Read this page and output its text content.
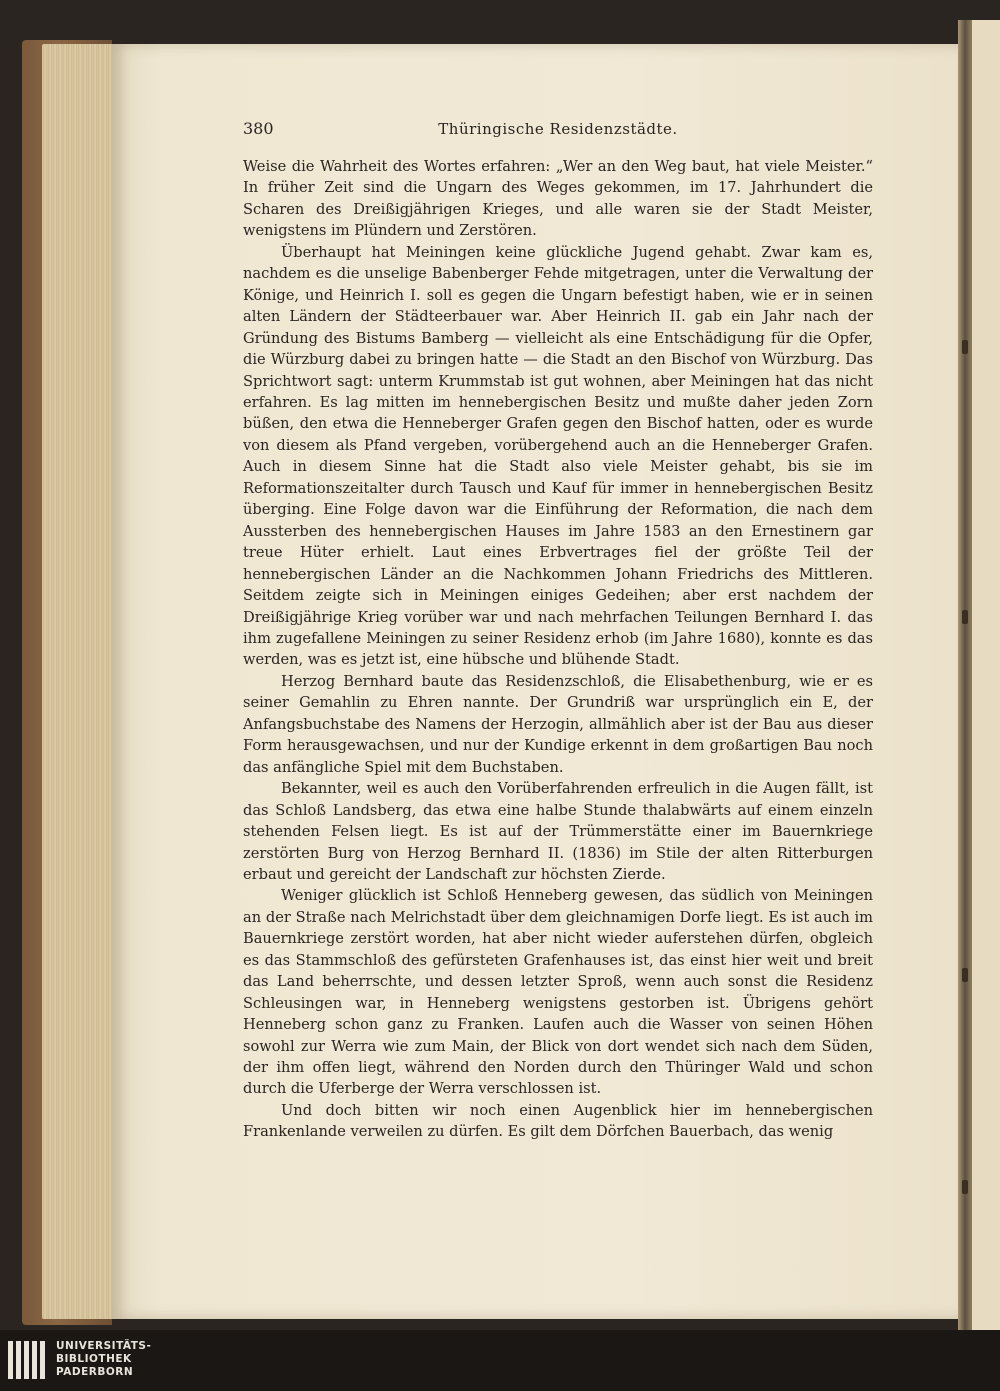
380	Thüringische Residenzstädte.

Weise die Wahrheit des Wortes erfahren: „Wer an den Weg baut, hat viele Meister.“ In früher Zeit sind die Ungarn des Weges gekommen, im 17. Jahrhundert die Scharen des Dreißigjährigen Krieges, und alle waren sie der Stadt Meister, wenigstens im Plündern und Zerstören.

Überhaupt hat Meiningen keine glückliche Jugend gehabt. Zwar kam es, nachdem es die unselige Babenberger Fehde mitgetragen, unter die Verwaltung der Könige, und Heinrich I. soll es gegen die Ungarn befestigt haben, wie er in seinen alten Ländern der Städteerbauer war. Aber Heinrich II. gab ein Jahr nach der Gründung des Bistums Bamberg — vielleicht als eine Entschädigung für die Opfer, die Würzburg dabei zu bringen hatte — die Stadt an den Bischof von Würzburg. Das Sprichtwort sagt: unterm Krummstab ist gut wohnen, aber Meiningen hat das nicht erfahren. Es lag mitten im hennebergischen Besitz und mußte daher jeden Zorn büßen, den etwa die Henneberger Grafen gegen den Bischof hatten, oder es wurde von diesem als Pfand vergeben, vorübergehend auch an die Henneberger Grafen. Auch in diesem Sinne hat die Stadt also viele Meister gehabt, bis sie im Reformationszeitalter durch Tausch und Kauf für immer in hennebergischen Besitz überging. Eine Folge davon war die Einführung der Reformation, die nach dem Aussterben des hennebergischen Hauses im Jahre 1583 an den Ernestinern gar treue Hüter erhielt. Laut eines Erbvertrages fiel der größte Teil der hennebergischen Länder an die Nachkommen Johann Friedrichs des Mittleren. Seitdem zeigte sich in Meiningen einiges Gedeihen; aber erst nachdem der Dreißigjährige Krieg vorüber war und nach mehrfachen Teilungen Bernhard I. das ihm zugefallene Meiningen zu seiner Residenz erhob (im Jahre 1680), konnte es das werden, was es jetzt ist, eine hübsche und blühende Stadt.

Herzog Bernhard baute das Residenzschloß, die Elisabethenburg, wie er es seiner Gemahlin zu Ehren nannte. Der Grundriß war ursprünglich ein E, der Anfangsbuchstabe des Namens der Herzogin, allmählich aber ist der Bau aus dieser Form herausgewachsen, und nur der Kundige erkennt in dem großartigen Bau noch das anfängliche Spiel mit dem Buchstaben.

Bekannter, weil es auch den Vorüberfahrenden erfreulich in die Augen fällt, ist das Schloß Landsberg, das etwa eine halbe Stunde thalabwärts auf einem einzeln stehenden Felsen liegt. Es ist auf der Trümmerstätte einer im Bauernkriege zerstörten Burg von Herzog Bernhard II. (1836) im Stile der alten Ritterburgen erbaut und gereicht der Landschaft zur höchsten Zierde.

Weniger glücklich ist Schloß Henneberg gewesen, das südlich von Meiningen an der Straße nach Melrichstadt über dem gleichnamigen Dorfe liegt. Es ist auch im Bauernkriege zerstört worden, hat aber nicht wieder auferstehen dürfen, obgleich es das Stammschloß des gefürsteten Grafenhauses ist, das einst hier weit und breit das Land beherrschte, und dessen letzter Sproß, wenn auch sonst die Residenz Schleusingen war, in Henneberg wenigstens gestorben ist. Übrigens gehört Henneberg schon ganz zu Franken. Laufen auch die Wasser von seinen Höhen sowohl zur Werra wie zum Main, der Blick von dort wendet sich nach dem Süden, der ihm offen liegt, während den Norden durch den Thüringer Wald und schon durch die Uferberge der Werra verschlossen ist.

Und doch bitten wir noch einen Augenblick hier im hennebergischen Frankenlande verweilen zu dürfen. Es gilt dem Dörfchen Bauerbach, das wenig

UNIVERSITÄTS-
BIBLIOTHEK
PADERBORN
